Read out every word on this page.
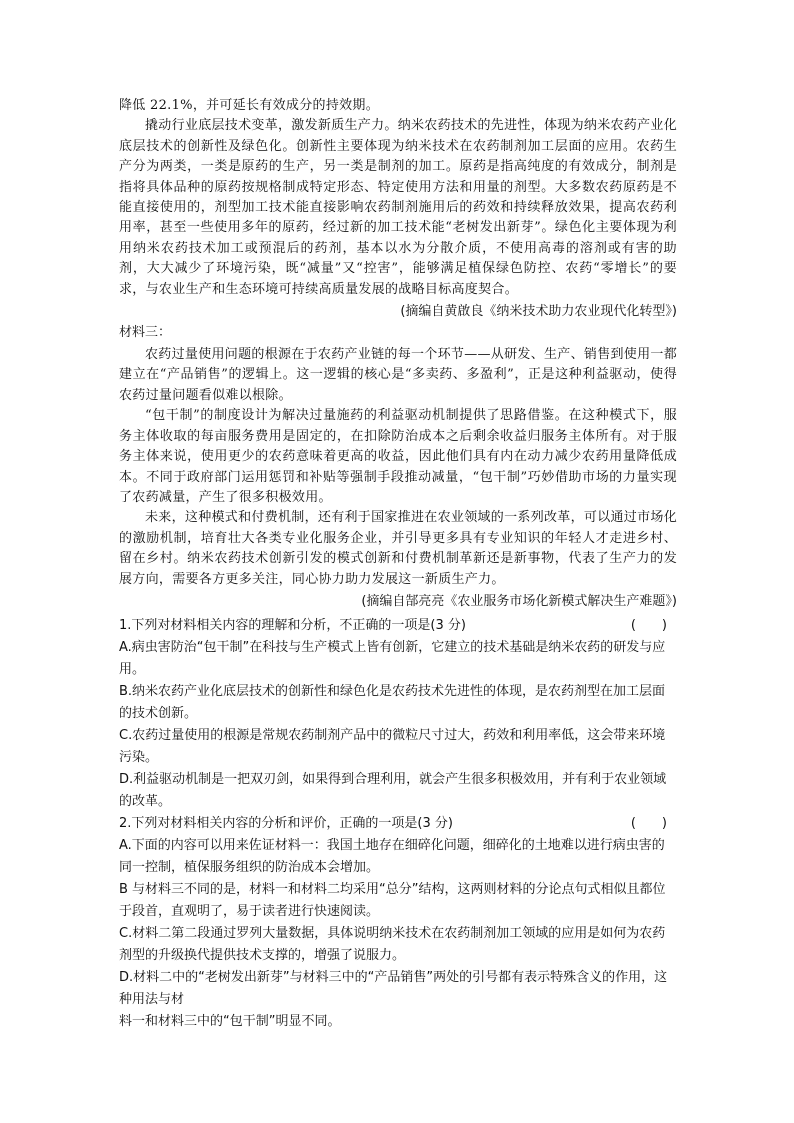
降低 22.1%，并可延长有效成分的持效期。

撬动行业底层技术变革，激发新质生产力。纳米农药技术的先进性，体现为纳米农药产业化底层技术的创新性及绿色化。创新性主要体现为纳米技术在农药制剂加工层面的应用。农药生产分为两类，一类是原药的生产，另一类是制剂的加工。原药是指高纯度的有效成分，制剂是指将具体品种的原药按规格制成特定形态、特定使用方法和用量的剂型。大多数农药原药是不能直接使用的，剂型加工技术能直接影响农药制剂施用后的药效和持续释放效果，提高农药利用率，甚至一些使用多年的原药，经过新的加工技术能“老树发出新芽”。绿色化主要体现为利用纳米农药技术加工或预混后的药剂，基本以水为分散介质，不使用高毒的溶剂或有害的助剂，大大减少了环境污染，既“减量”又“控害”，能够满足植保绿色防控、农药“零增长”的要求，与农业生产和生态环境可持续高质量发展的战略目标高度契合。

(摘编自黄啟良《纳米技术助力农业现代化转型》)

材料三：

农药过量使用问题的根源在于农药产业链的每一个环节——从研发、生产、销售到使用一都建立在“产品销售”的逻辑上。这一逻辑的核心是“多卖药、多盈利”，正是这种利益驱动，使得农药过量问题看似难以根除。

“包干制”的制度设计为解决过量施药的利益驱动机制提供了思路借鉴。在这种模式下，服务主体收取的每亩服务费用是固定的，在扣除防治成本之后剩余收益归服务主体所有。对于服务主体来说，使用更少的农药意味着更高的收益，因此他们具有内在动力减少农药用量降低成本。不同于政府部门运用惩罚和补贴等强制手段推动减量，“包干制”巧妙借助市场的力量实现了农药减量，产生了很多积极效用。

未来，这种模式和付费机制，还有利于国家推进在农业领域的一系列改革，可以通过市场化的激励机制，培育壮大各类专业化服务企业，并引导更多具有专业知识的年轻人才走进乡村、留在乡村。纳米农药技术创新引发的模式创新和付费机制革新还是新事物，代表了生产力的发展方向，需要各方更多关注，同心协力助力发展这一新质生产力。

(摘编自郜亮亮《农业服务市场化新模式解决生产难题》)

1.下列对材料相关内容的理解和分析，不正确的一项是(3 分)	(　　)

A.病虫害防治“包干制”在科技与生产模式上皆有创新，它建立的技术基础是纳米农药的研发与应用。

B.纳米农药产业化底层技术的创新性和绿色化是农药技术先进性的体现，是农药剂型在加工层面的技术创新。

C.农药过量使用的根源是常规农药制剂产品中的微粒尺寸过大，药效和利用率低，这会带来环境污染。

D.利益驱动机制是一把双刃剑，如果得到合理利用，就会产生很多积极效用，并有利于农业领域的改革。

2.下列对材料相关内容的分析和评价，正确的一项是(3 分)	(　　)

A.下面的内容可以用来佐证材料一：我国土地存在细碎化问题，细碎化的土地难以进行病虫害的同一控制，植保服务组织的防治成本会增加。

B 与材料三不同的是，材料一和材料二均采用“总分”结构，这两则材料的分论点句式相似且都位于段首，直观明了，易于读者进行快速阅读。

C.材料二第二段通过罗列大量数据，具体说明纳米技术在农药制剂加工领域的应用是如何为农药剂型的升级换代提供技术支撑的，增强了说服力。

D.材料二中的“老树发出新芽”与材料三中的“产品销售”两处的引号都有表示特殊含义的作用，这种用法与材

料一和材料三中的“包干制”明显不同。
